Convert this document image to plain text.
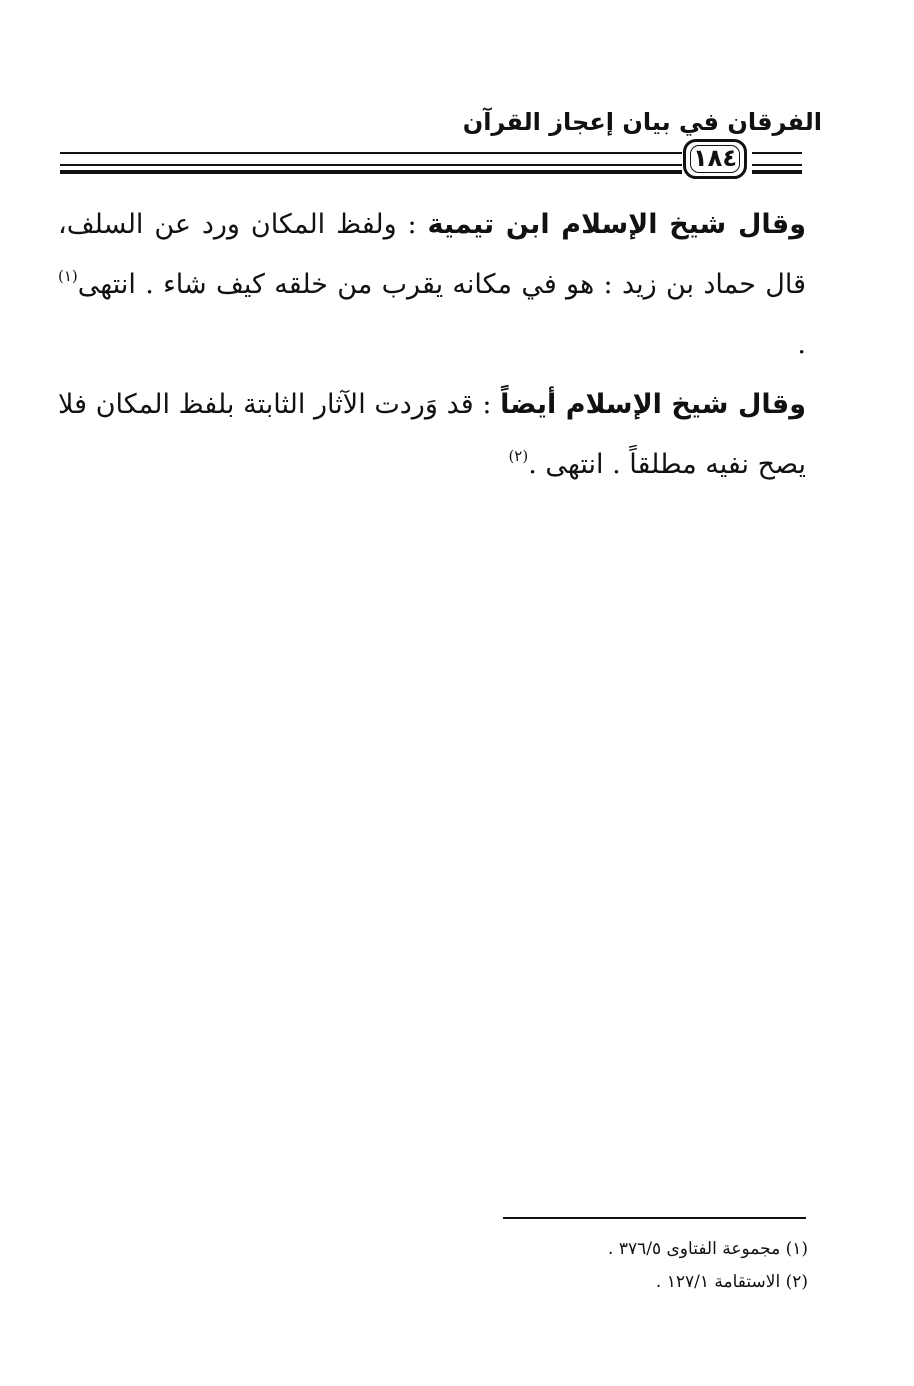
الفرقان في بيان إعجاز القرآن
١٨٤

وقال شيخ الإسلام ابن تيمية : ولفظ المكان ورد عن السلف، قال حماد بن زيد : هو في مكانه يقرب من خلقه كيف شاء . انتهى$^{(١)}$ .

وقال شيخ الإسلام أيضاً : قد وَردت الآثار الثابتة بلفظ المكان فلا يصح نفيه مطلقاً . انتهى .$^{(٢)}$

(١) مجموعة الفتاوى ٣٧٦/٥ .
(٢) الاستقامة ١٢٧/١ .
